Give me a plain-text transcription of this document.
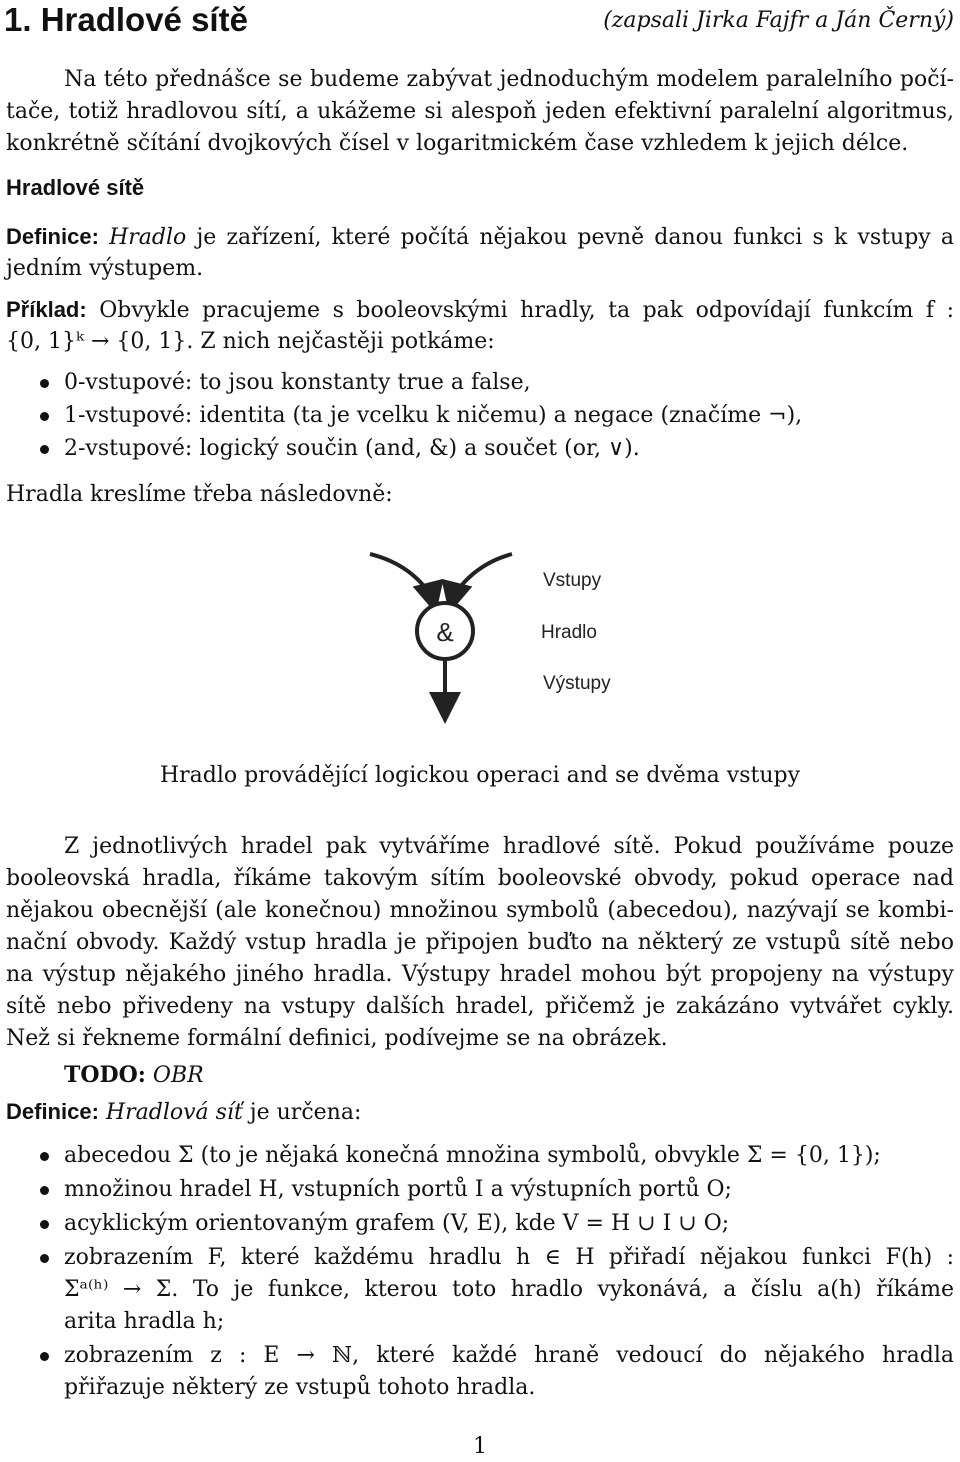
1. Hradlové sítě	(zapsali Jirka Fajfr a Ján Černý)
Na této přednášce se budeme zabývat jednoduchým modelem paralelního počí-
tače, totiž hradlovou sítí, a ukážeme si alespoň jeden efektivní paralelní algoritmus,
konkrétně sčítání dvojkových čísel v logaritmickém čase vzhledem k jejich délce.
Hradlové sítě
Definice: Hradlo je zařízení, které počítá nějakou pevně danou funkci s k vstupy a
jedním výstupem.
Příklad: Obvykle pracujeme s booleovskými hradly, ta pak odpovídají funkcím f :
{0, 1}ᵏ → {0, 1}. Z nich nejčastěji potkáme:
0-vstupové: to jsou konstanty true a false,
1-vstupové: identita (ta je vcelku k ničemu) a negace (značíme ¬),
2-vstupové: logický součin (and, &) a součet (or, ∨).
Hradla kreslíme třeba následovně:
&
Vstupy
Hradlo
Výstupy
Hradlo provádějící logickou operaci and se dvěma vstupy
Z jednotlivých hradel pak vytváříme hradlové sítě. Pokud používáme pouze
booleovská hradla, říkáme takovým sítím booleovské obvody, pokud operace nad
nějakou obecnější (ale konečnou) množinou symbolů (abecedou), nazývají se kombi-
nační obvody. Každý vstup hradla je připojen buďto na některý ze vstupů sítě nebo
na výstup nějakého jiného hradla. Výstupy hradel mohou být propojeny na výstupy
sítě nebo přivedeny na vstupy dalších hradel, přičemž je zakázáno vytvářet cykly.
Než si řekneme formální definici, podívejme se na obrázek.
TODO: OBR
Definice: Hradlová síť je určena:
abecedou Σ (to je nějaká konečná množina symbolů, obvykle Σ = {0, 1});
množinou hradel H, vstupních portů I a výstupních portů O;
acyklickým orientovaným grafem (V, E), kde V = H ∪ I ∪ O;
zobrazením F, které každému hradlu h ∈ H přiřadí nějakou funkci F(h) :
Σᵃ⁽ʰ⁾ → Σ. To je funkce, kterou toto hradlo vykonává, a číslu a(h) říkáme
arita hradla h;
zobrazením z : E → ℕ, které každé hraně vedoucí do nějakého hradla
přiřazuje některý ze vstupů tohoto hradla.
1
